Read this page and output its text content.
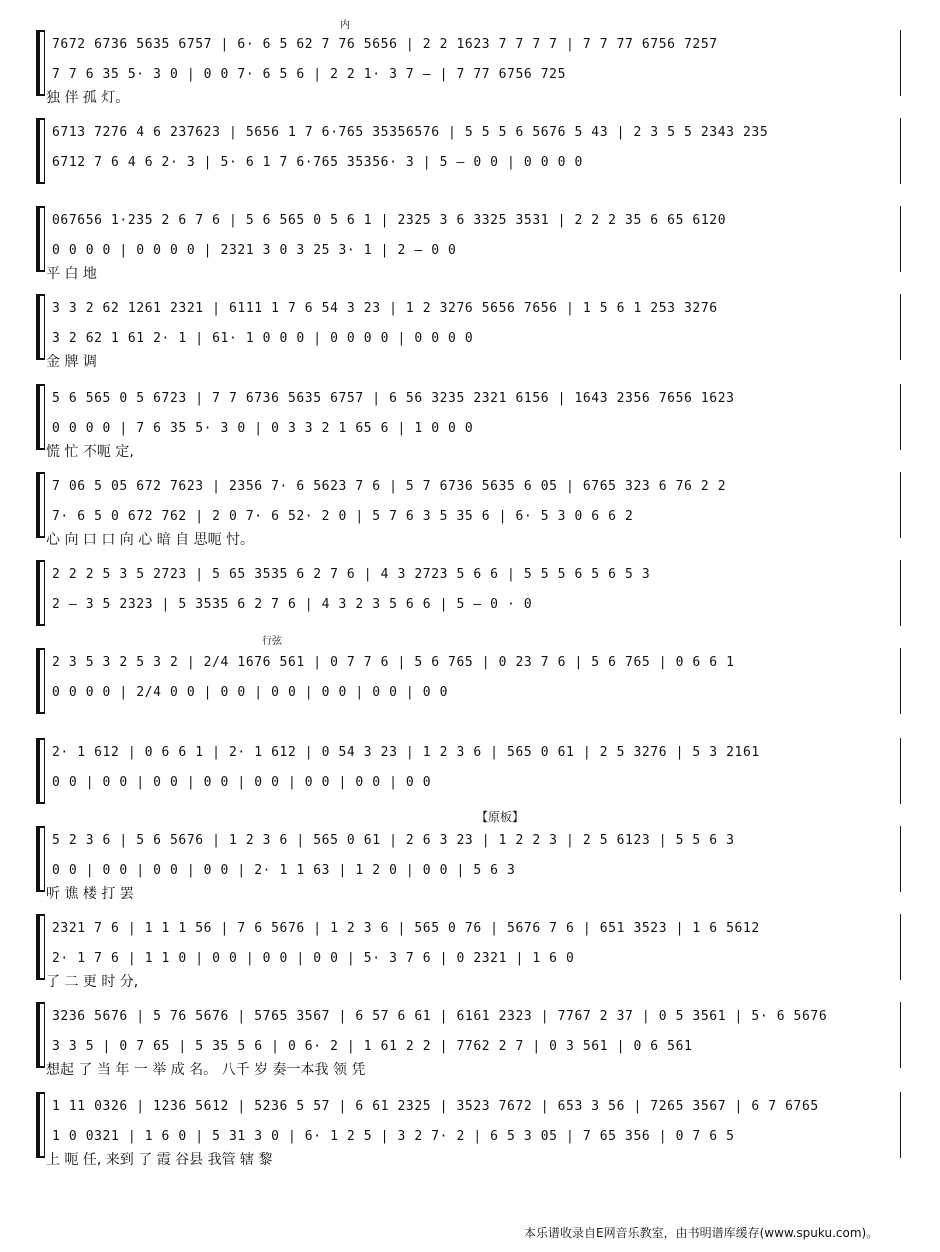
7672 6736 5635 6757 | 6· 6 5 62 7 76 5656 | 2 2 1623 7 7 7 7 | 7 7 77 6756 7257
7 7 6 35 5· 3 0 | 0 0 7· 6 5 6 | 2 2 1· 3 7 — | 7 77 6756 725
独 伴 孤 灯。
内
6713 7276 4 6 237623 | 5656 1 7 6·765 35356576 | 5 5 5 6 5676 5 43 | 2 3 5 5 2343 235
6712 7 6 4 6 2· 3 | 5· 6 1 7 6·765 35356· 3 | 5 — 0 0 | 0 0 0 0
067656 1·235 2 6 7 6 | 5 6 565 0 5 6 1 | 2325 3 6 3325 3531 | 2 2 2 35 6 65 6120
0 0 0 0 | 0 0 0 0 | 2321 3 0 3 25 3· 1 | 2 — 0 0
平 白 地
3 3 2 62 1261 2321 | 6111 1 7 6 54 3 23 | 1 2 3276 5656 7656 | 1 5 6 1 253 3276
3 2 62 1 61 2· 1 | 61· 1 0 0 0 | 0 0 0 0 | 0 0 0 0
金 牌 调
5 6 565 0 5 6723 | 7 7 6736 5635 6757 | 6 56 3235 2321 6156 | 1643 2356 7656 1623
0 0 0 0 | 7 6 35 5· 3 0 | 0 3 3 2 1 65 6 | 1 0 0 0
慌 忙 不呃 定,
7 06 5 05 672 7623 | 2356 7· 6 5623 7 6 | 5 7 6736 5635 6 05 | 6765 323 6 76 2 2
7· 6 5 0 672 762 | 2 0 7· 6 52· 2 0 | 5 7 6 3 5 35 6 | 6· 5 3 0 6 6 2
心 向 口 口 向 心 暗 自 思呃 忖。
2 2 2 5 3 5 2723 | 5 65 3535 6 2 7 6 | 4 3 2723 5 6 6 | 5 5 5 6 5 6 5 3
2 — 3 5 2323 | 5 3535 6 2 7 6 | 4 3 2 3 5 6 6 | 5 — 0 · 0
2 3 5 3 2 5 3 2 | 2/4 1676 561 | 0 7 7 6 | 5 6 765 | 0 23 7 6 | 5 6 765 | 0 6 6 1
0 0 0 0 | 2/4 0 0 | 0 0 | 0 0 | 0 0 | 0 0 | 0 0
行弦
2· 1 612 | 0 6 6 1 | 2· 1 612 | 0 54 3 23 | 1 2 3 6 | 565 0 61 | 2 5 3276 | 5 3 2161
0 0 | 0 0 | 0 0 | 0 0 | 0 0 | 0 0 | 0 0 | 0 0
5 2 3 6 | 5 6 5676 | 1 2 3 6 | 565 0 61 | 2 6 3 23 | 1 2 2 3 | 2 5 6123 | 5 5 6 3
0 0 | 0 0 | 0 0 | 0 0 | 2· 1 1 63 | 1 2 0 | 0 0 | 5 6 3
听 谯 楼 打 罢
【原板】
2321 7 6 | 1 1 1 56 | 7 6 5676 | 1 2 3 6 | 565 0 76 | 5676 7 6 | 651 3523 | 1 6 5612
2· 1 7 6 | 1 1 0 | 0 0 | 0 0 | 0 0 | 5· 3 7 6 | 0 2321 | 1 6 0
了 二 更 时 分,
3236 5676 | 5 76 5676 | 5765 3567 | 6 57 6 61 | 6161 2323 | 7767 2 37 | 0 5 3561 | 5· 6 5676
3 3 5 | 0 7 65 | 5 35 5 6 | 0 6· 2 | 1 61 2 2 | 7762 2 7 | 0 3 561 | 0 6 561
想起 了 当 年 一 举 成 名。 八千 岁 奏一本我 领 凭
1 11 0326 | 1236 5612 | 5236 5 57 | 6 61 2325 | 3523 7672 | 653 3 56 | 7265 3567 | 6 7 6765
1 0 0321 | 1 6 0 | 5 31 3 0 | 6· 1 2 5 | 3 2 7· 2 | 6 5 3 05 | 7 65 356 | 0 7 6 5
上 呃 任, 来到 了 霞 谷县 我管 辖 黎
本乐谱收录自E网音乐教室，由书明谱库缓存(www.spuku.com)。
